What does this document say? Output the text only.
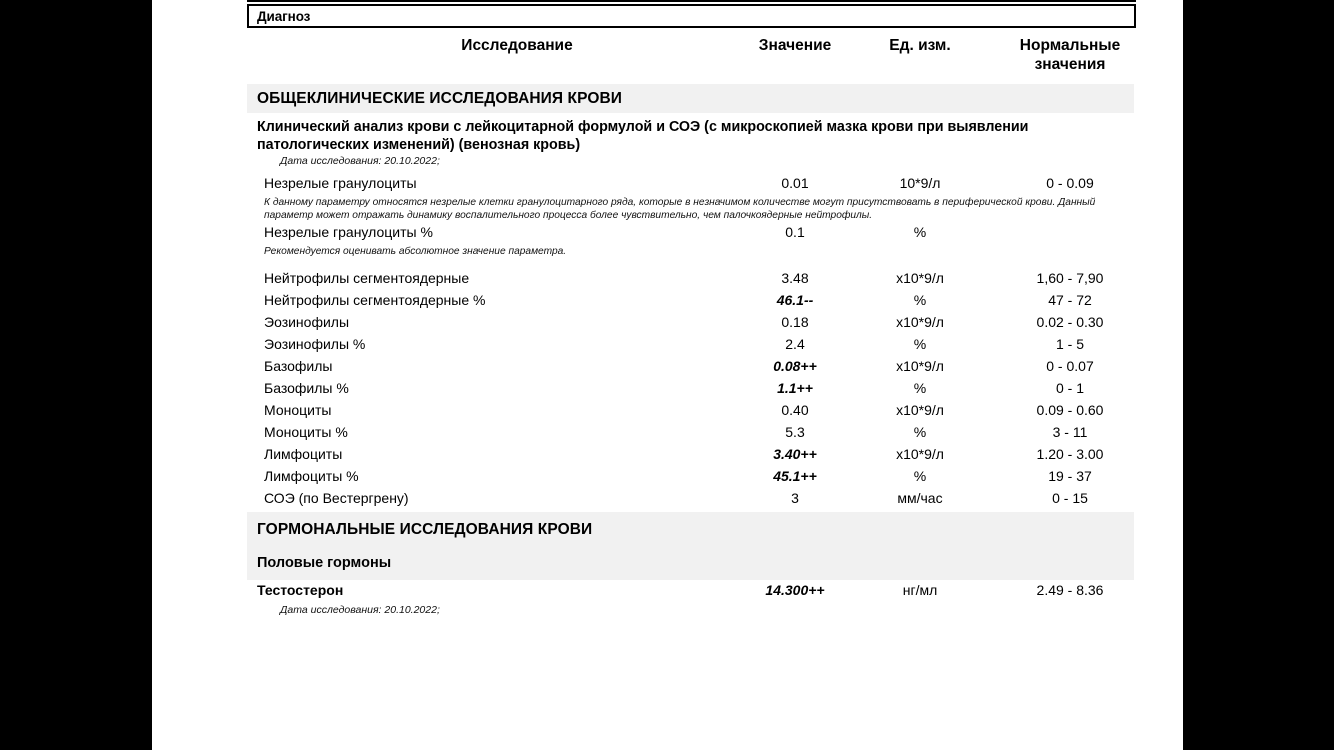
Диагноз
Исследование	Значение	Ед. изм.	Нормальные
значения
ОБЩЕКЛИНИЧЕСКИЕ ИССЛЕДОВАНИЯ КРОВИ
Клинический анализ крови с лейкоцитарной формулой и СОЭ (с микроскопией мазка крови при выявлении патологических изменений) (венозная кровь)
Дата исследования: 20.10.2022;
Незрелые гранулоциты	0.01	10*9/л	0 - 0.09
К данному параметру относятся незрелые клетки гранулоцитарного ряда, которые в незначимом количестве могут присутствовать в периферической крови. Данный параметр может отражать динамику воспалительного процесса более чувствительно, чем палочкоядерные нейтрофилы.
Незрелые гранулоциты %	0.1	%
Рекомендуется оценивать абсолютное значение параметра.
Нейтрофилы сегментоядерные	3.48	х10*9/л	1,60 - 7,90
Нейтрофилы сегментоядерные %	46.1--	%	47 - 72
Эозинофилы	0.18	х10*9/л	0.02 - 0.30
Эозинофилы %	2.4	%	1 - 5
Базофилы	0.08++	х10*9/л	0 - 0.07
Базофилы %	1.1++	%	0 - 1
Моноциты	0.40	х10*9/л	0.09 - 0.60
Моноциты %	5.3	%	3 - 11
Лимфоциты	3.40++	х10*9/л	1.20 - 3.00
Лимфоциты %	45.1++	%	19 - 37
СОЭ (по Вестергрену)	3	мм/час	0 - 15
ГОРМОНАЛЬНЫЕ ИССЛЕДОВАНИЯ КРОВИ
Половые гормоны
Тестостерон	14.300++	нг/мл	2.49 - 8.36
Дата исследования: 20.10.2022;
